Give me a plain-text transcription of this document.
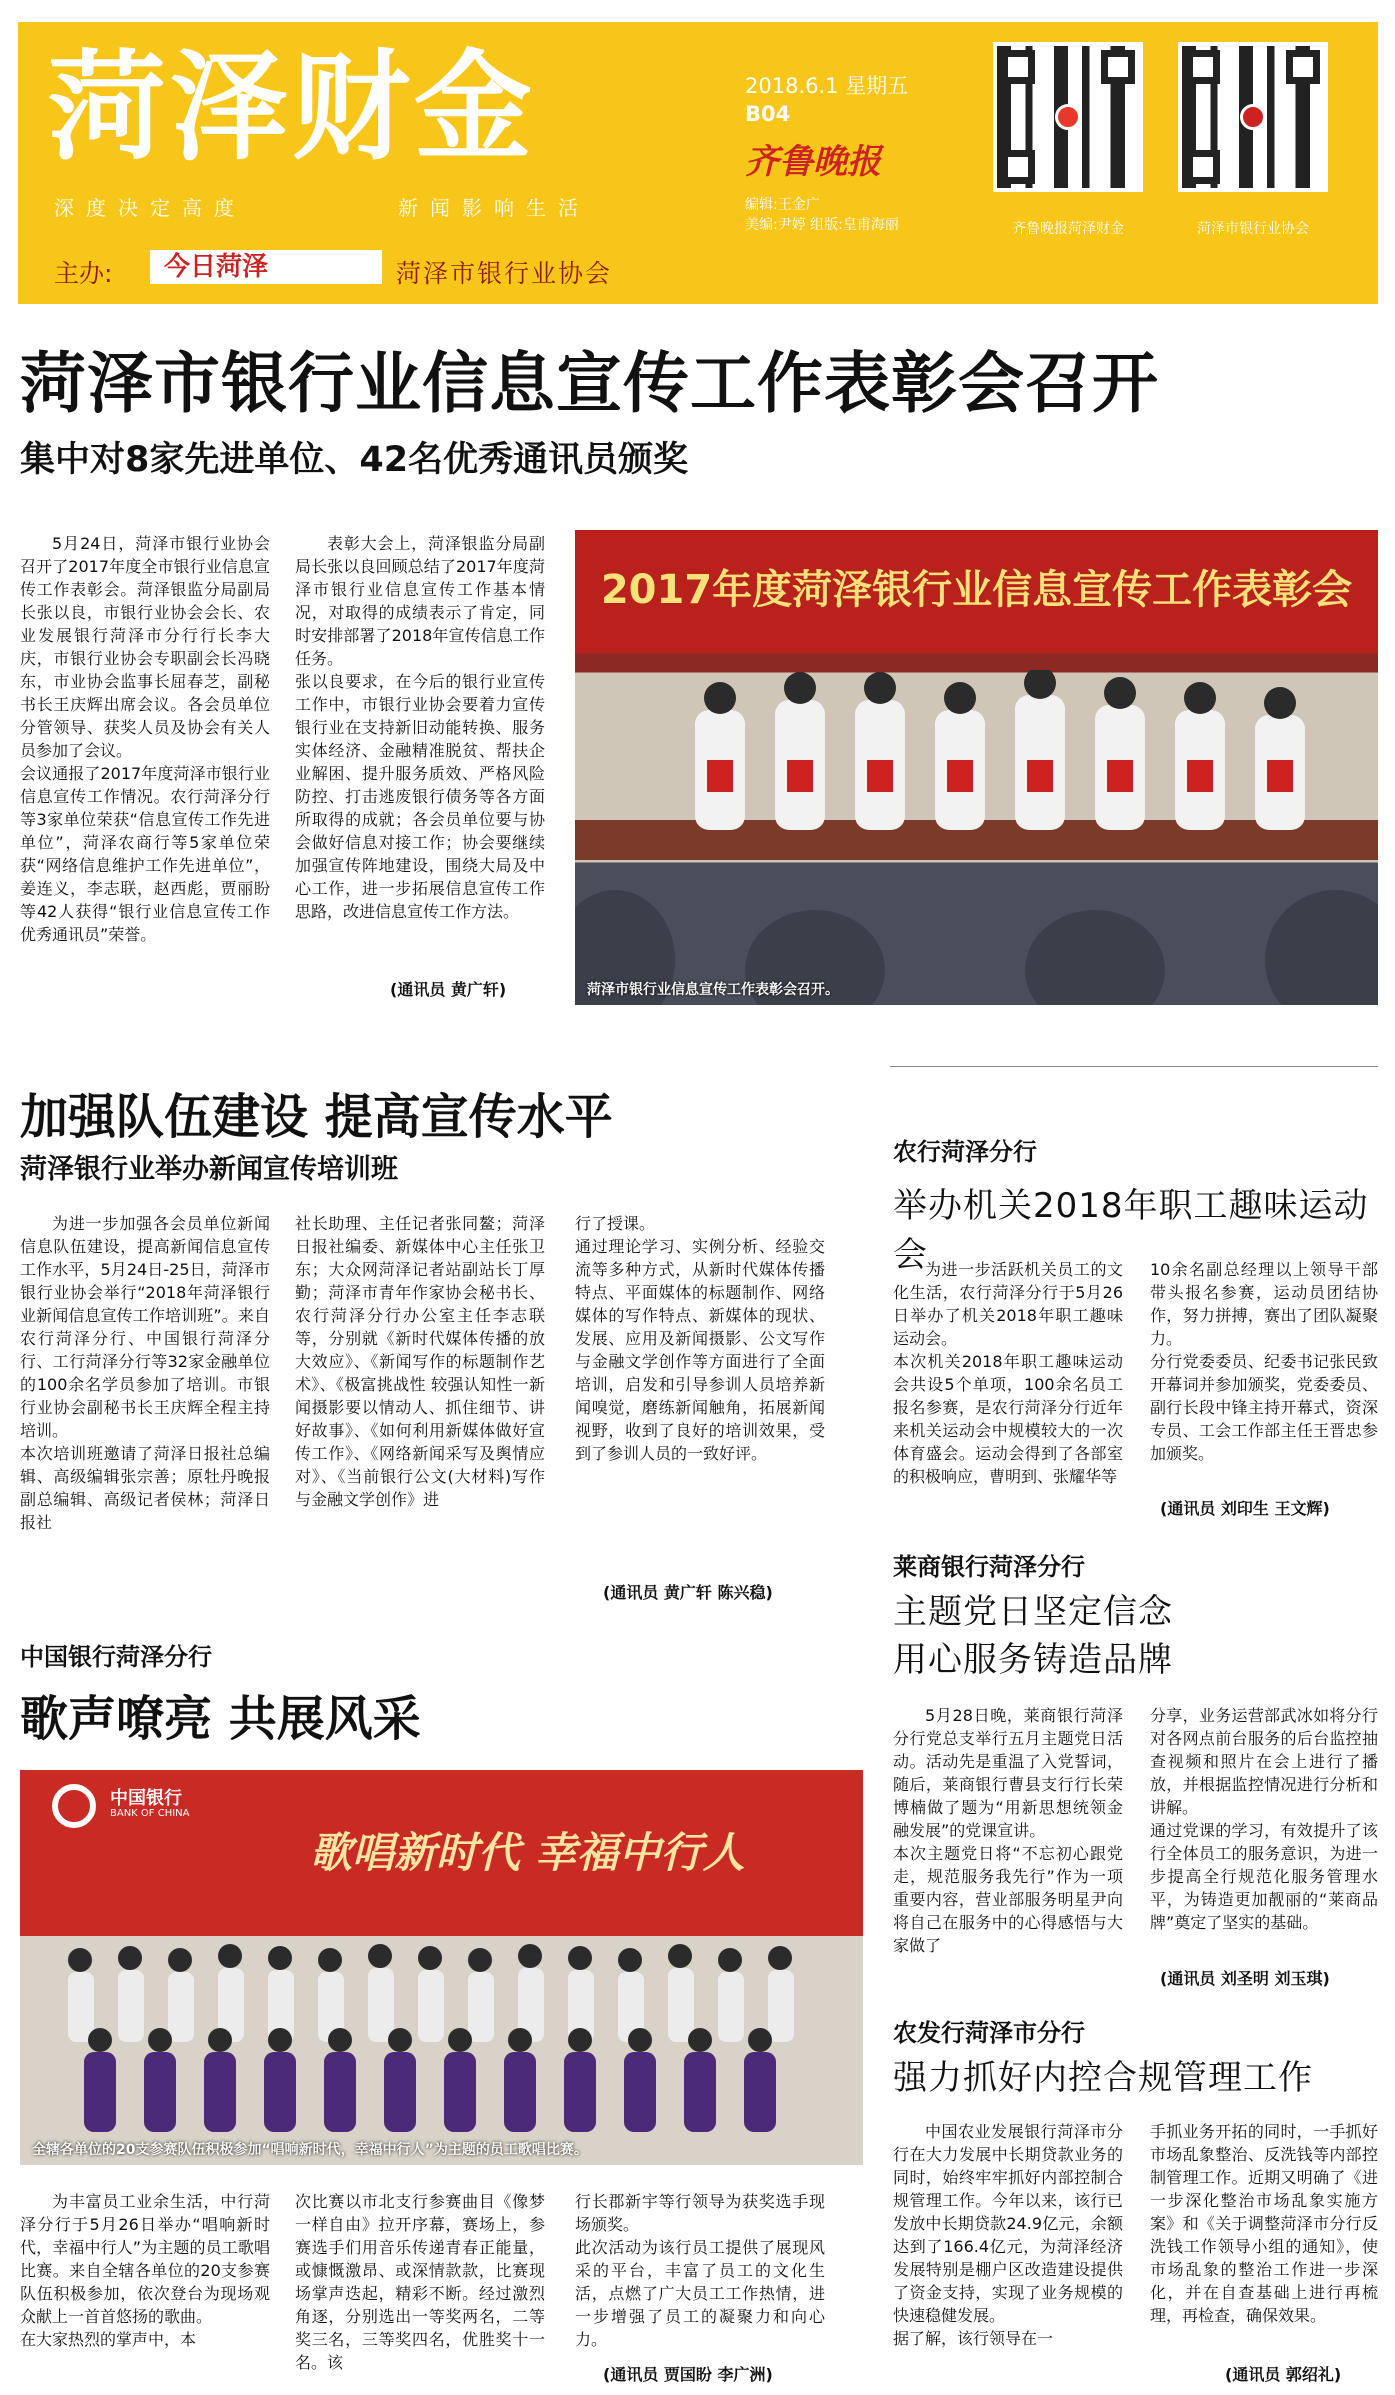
菏泽财金
深度决定高度	新闻影响生活
主办:	今日菏泽	菏泽市银行业协会
2018.6.1 星期五
B04
齐鲁晚报
编辑:王金广
美编:尹婷 组版:皇甫海丽	齐鲁晚报菏泽财金	菏泽市银行业协会
菏泽市银行业信息宣传工作表彰会召开
集中对8家先进单位、42名优秀通讯员颁奖
5月24日，菏泽市银行业协会召开了2017年度全市银行业信息宣传工作表彰会。菏泽银监分局副局长张以良，市银行业协会会长、农业发展银行菏泽市分行行长李大庆，市银行业协会专职副会长冯晓东，市业协会监事长屈春芝，副秘书长王庆辉出席会议。各会员单位分管领导、获奖人员及协会有关人员参加了会议。
会议通报了2017年度菏泽市银行业信息宣传工作情况。农行菏泽分行等3家单位荣获“信息宣传工作先进单位”，菏泽农商行等5家单位荣获“网络信息维护工作先进单位”，姜连义，李志联，赵西彪，贾丽盼等42人获得“银行业信息宣传工作优秀通讯员”荣誉。
表彰大会上，菏泽银监分局副局长张以良回顾总结了2017年度菏泽市银行业信息宣传工作基本情况，对取得的成绩表示了肯定，同时安排部署了2018年宣传信息工作任务。
张以良要求，在今后的银行业宣传工作中，市银行业协会要着力宣传银行业在支持新旧动能转换、服务实体经济、金融精准脱贫、帮扶企业解困、提升服务质效、严格风险防控、打击逃废银行债务等各方面所取得的成就；各会员单位要与协会做好信息对接工作；协会要继续加强宣传阵地建设，围绕大局及中心工作，进一步拓展信息宣传工作思路，改进信息宣传工作方法。
(通讯员 黄广轩)
2017年度菏泽银行业信息宣传工作表彰会
菏泽市银行业信息宣传工作表彰会召开。
加强队伍建设 提高宣传水平
菏泽银行业举办新闻宣传培训班
为进一步加强各会员单位新闻信息队伍建设，提高新闻信息宣传工作水平，5月24日-25日，菏泽市银行业协会举行“2018年菏泽银行业新闻信息宣传工作培训班”。来自农行菏泽分行、中国银行菏泽分行、工行菏泽分行等32家金融单位的100余名学员参加了培训。市银行业协会副秘书长王庆辉全程主持培训。
本次培训班邀请了菏泽日报社总编辑、高级编辑张宗善；原牡丹晚报副总编辑、高级记者侯林；菏泽日报社
社长助理、主任记者张同鳌；菏泽日报社编委、新媒体中心主任张卫东；大众网菏泽记者站副站长丁厚勤；菏泽市青年作家协会秘书长、农行菏泽分行办公室主任李志联等，分别就《新时代媒体传播的放大效应》、《新闻写作的标题制作艺术》、《极富挑战性 较强认知性一新闻摄影要以情动人、抓住细节、讲好故事》、《如何利用新媒体做好宣传工作》、《网络新闻采写及舆情应对》、《当前银行公文(大材料)写作与金融文学创作》进
行了授课。
通过理论学习、实例分析、经验交流等多种方式，从新时代媒体传播特点、平面媒体的标题制作、网络媒体的写作特点、新媒体的现状、发展、应用及新闻摄影、公文写作与金融文学创作等方面进行了全面培训，启发和引导参训人员培养新闻嗅觉，磨练新闻触角，拓展新闻视野，收到了良好的培训效果，受到了参训人员的一致好评。
(通讯员 黄广轩 陈兴稳)
农行菏泽分行
举办机关2018年职工趣味运动会
为进一步活跃机关员工的文化生活，农行菏泽分行于5月26日举办了机关2018年职工趣味运动会。
本次机关2018年职工趣味运动会共设5个单项，100余名员工报名参赛，是农行菏泽分行近年来机关运动会中规模较大的一次体育盛会。运动会得到了各部室的积极响应，曹明到、张耀华等
10余名副总经理以上领导干部带头报名参赛，运动员团结协作，努力拼搏，赛出了团队凝聚力。
分行党委委员、纪委书记张民致开幕词并参加颁奖，党委委员、副行长段中锋主持开幕式，资深专员、工会工作部主任王晋忠参加颁奖。
(通讯员 刘印生 王文辉)
莱商银行菏泽分行
主题党日坚定信念
用心服务铸造品牌
5月28日晚，莱商银行菏泽分行党总支举行五月主题党日活动。活动先是重温了入党誓词，随后，莱商银行曹县支行行长荣博楠做了题为“用新思想统领金融发展”的党课宣讲。
本次主题党日将“不忘初心跟党走，规范服务我先行”作为一项重要内容，营业部服务明星尹向将自己在服务中的心得感悟与大家做了
分享，业务运营部武冰如将分行对各网点前台服务的后台监控抽查视频和照片在会上进行了播放，并根据监控情况进行分析和讲解。
通过党课的学习，有效提升了该行全体员工的服务意识，为进一步提高全行规范化服务管理水平，为铸造更加靓丽的“莱商品牌”奠定了坚实的基础。
(通讯员 刘圣明 刘玉琪)
农发行菏泽市分行
强力抓好内控合规管理工作
中国农业发展银行菏泽市分行在大力发展中长期贷款业务的同时，始终牢牢抓好内部控制合规管理工作。今年以来，该行已发放中长期贷款24.9亿元，余额达到了166.4亿元，为菏泽经济发展特别是棚户区改造建设提供了资金支持，实现了业务规模的快速稳健发展。
据了解，该行领导在一
手抓业务开拓的同时，一手抓好市场乱象整治、反洗钱等内部控制管理工作。近期又明确了《进一步深化整治市场乱象实施方案》和《关于调整菏泽市分行反洗钱工作领导小组的通知》，使市场乱象的整治工作进一步深化，并在自查基础上进行再梳理，再检查，确保效果。
(通讯员 郭绍礼)
中国银行菏泽分行
歌声嘹亮 共展风采
中国银行
BANK OF CHINA
歌唱新时代 幸福中行人
全辖各单位的20支参赛队伍积极参加“唱响新时代，幸福中行人”为主题的员工歌唱比赛。
为丰富员工业余生活，中行菏泽分行于5月26日举办“唱响新时代，幸福中行人”为主题的员工歌唱比赛。来自全辖各单位的20支参赛队伍积极参加，依次登台为现场观众献上一首首悠扬的歌曲。
在大家热烈的掌声中，本
次比赛以市北支行参赛曲目《像梦一样自由》拉开序幕，赛场上，参赛选手们用音乐传递青春正能量，或慷慨激昂、或深情款款，比赛现场掌声迭起，精彩不断。经过激烈角逐，分别选出一等奖两名，二等奖三名，三等奖四名，优胜奖十一名。该
行长郡新宇等行领导为获奖选手现场颁奖。
此次活动为该行员工提供了展现风采的平台，丰富了员工的文化生活，点燃了广大员工工作热情，进一步增强了员工的凝聚力和向心力。
(通讯员 贾国盼 李广洲)
